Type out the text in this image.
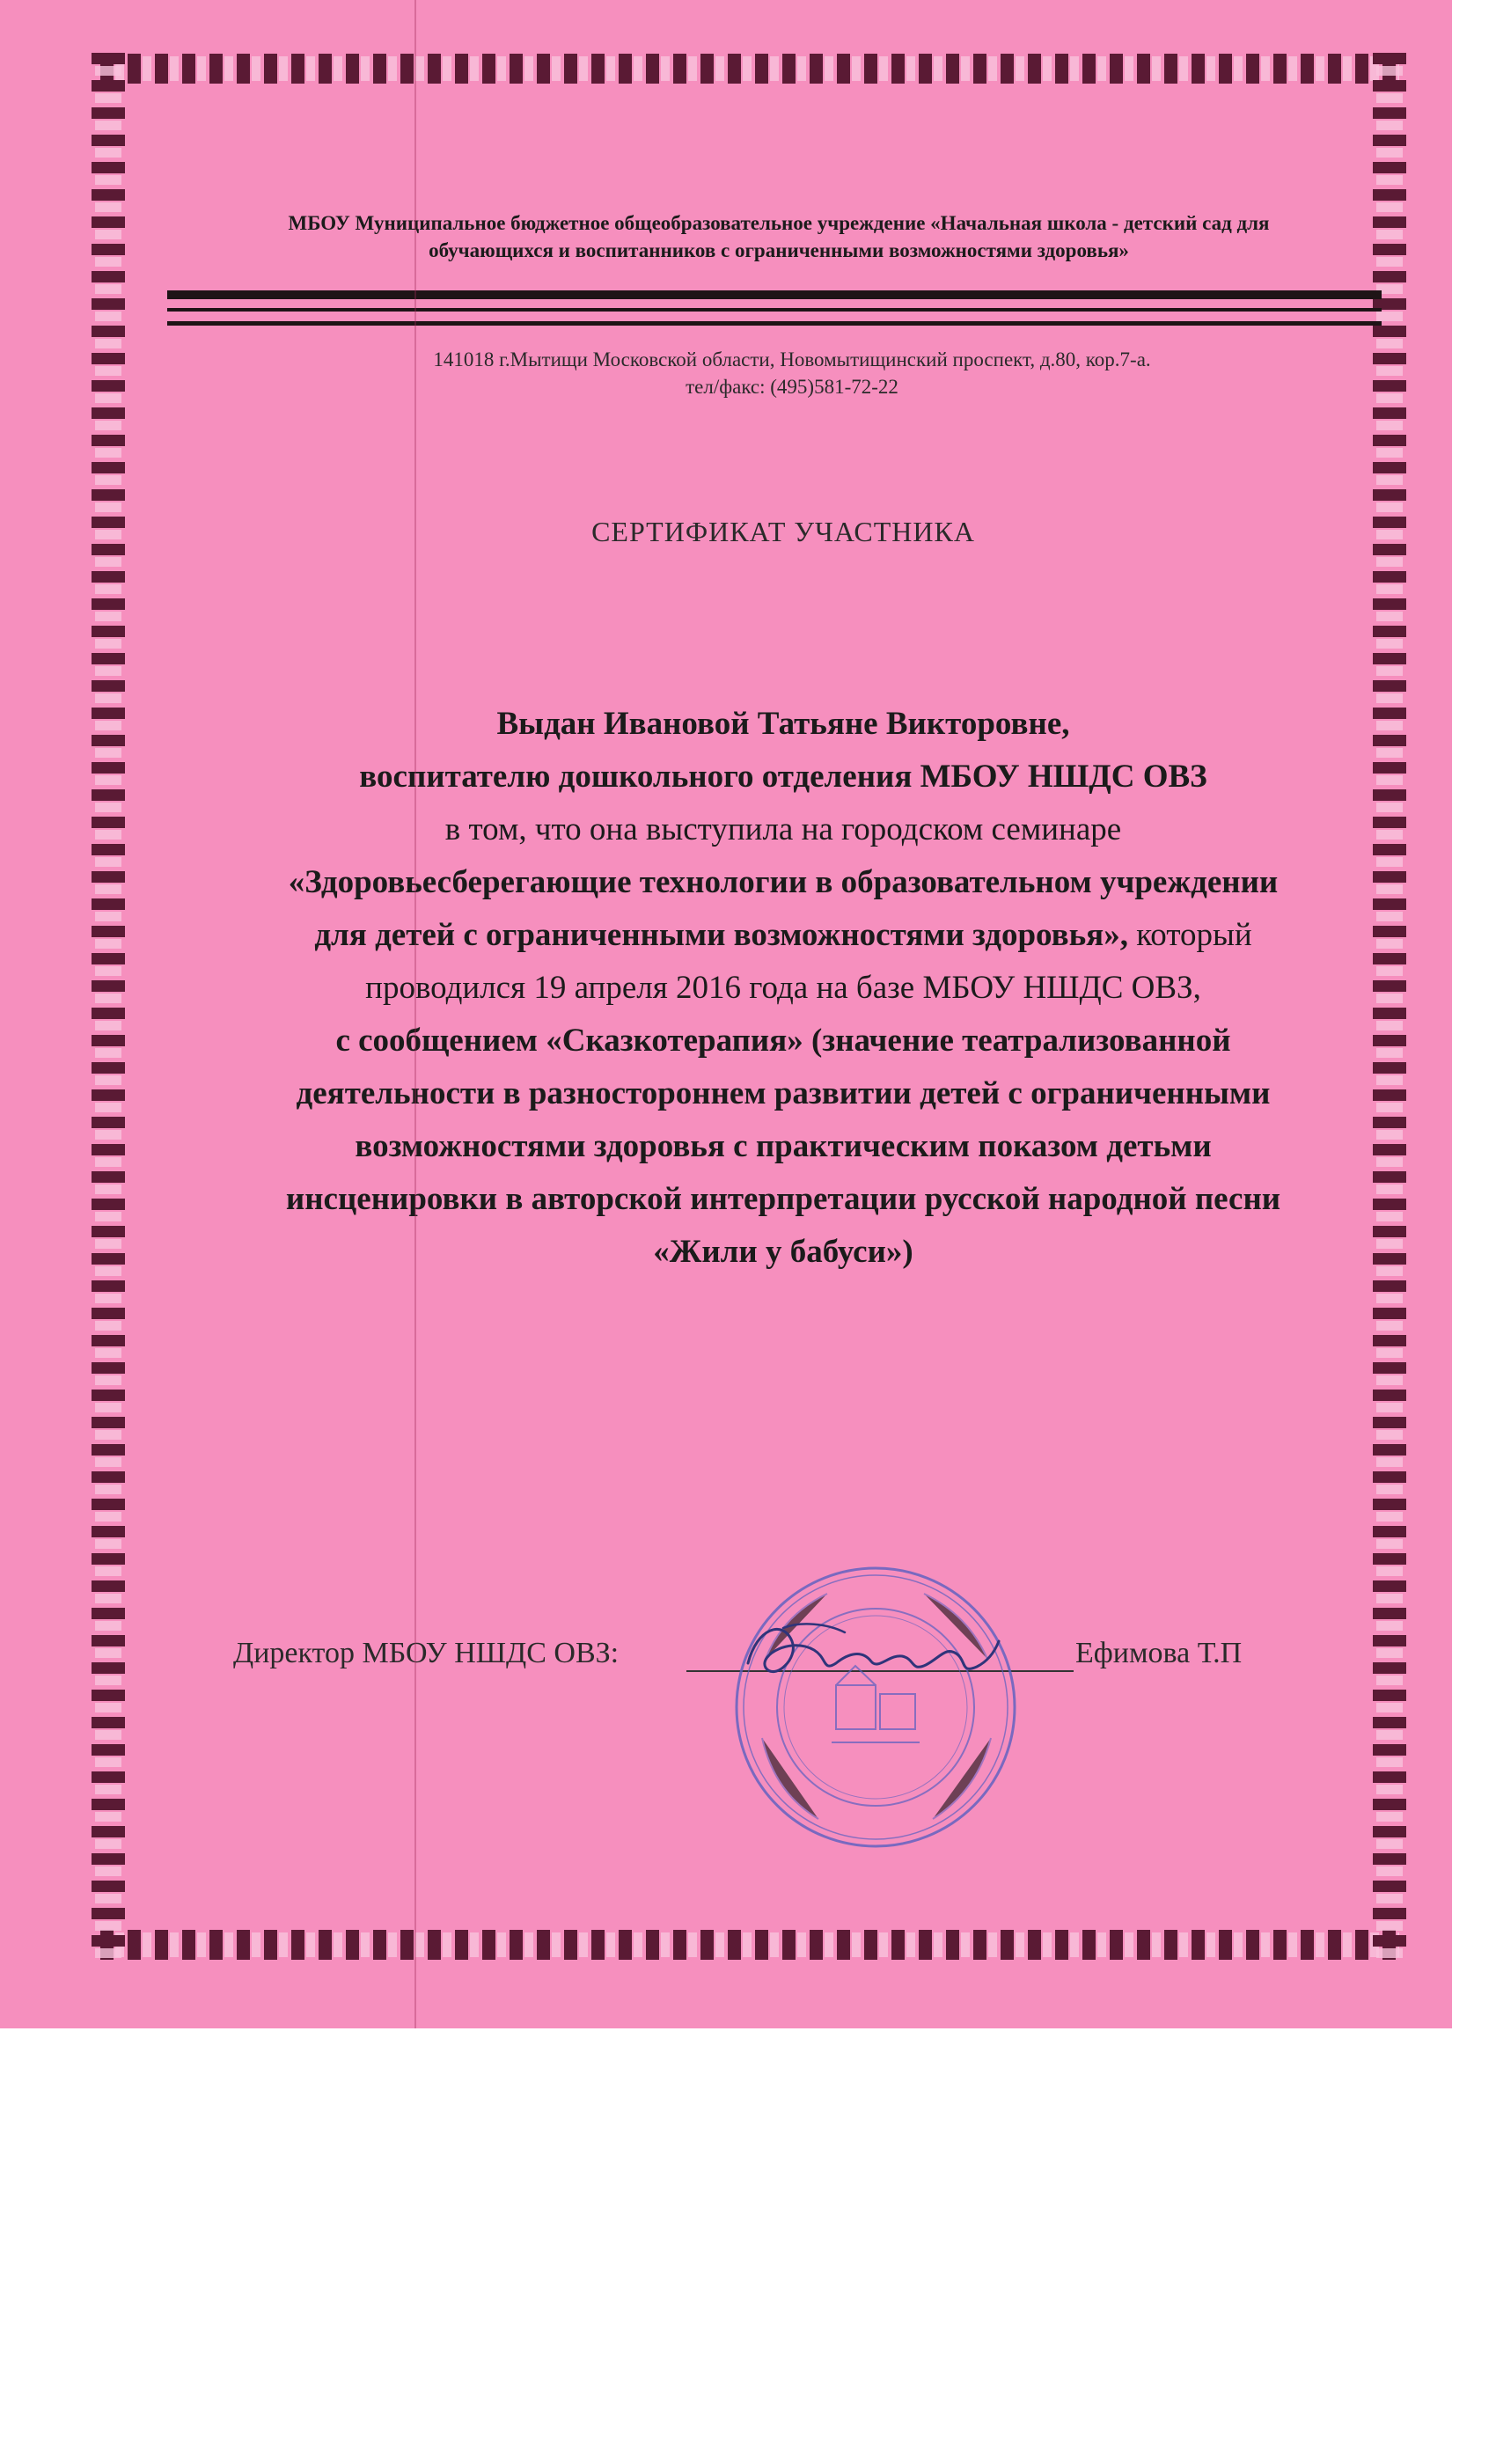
МБОУ Муниципальное бюджетное общеобразовательное учреждение «Начальная школа - детский сад для
обучающихся и воспитанников с ограниченными возможностями здоровья»
141018 г.Мытищи Московской области, Новомытищинский проспект, д.80, кор.7-а.
тел/факс: (495)581-72-22
СЕРТИФИКАТ УЧАСТНИКА
Выдан Ивановой Татьяне Викторовне,
воспитателю дошкольного отделения МБОУ НШДС ОВЗ
в том, что она выступила на городском семинаре
«Здоровьесберегающие технологии в образовательном учреждении
для детей с ограниченными возможностями здоровья», который
проводился 19 апреля 2016 года на базе МБОУ НШДС ОВЗ,
с сообщением «Сказкотерапия» (значение театрализованной
деятельности в разностороннем развитии детей с ограниченными
возможностями здоровья с практическим показом детьми
инсценировки в авторской интерпретации русской народной песни
«Жили у бабуси»)
Директор МБОУ НШДС ОВЗ:	Ефимова Т.П
